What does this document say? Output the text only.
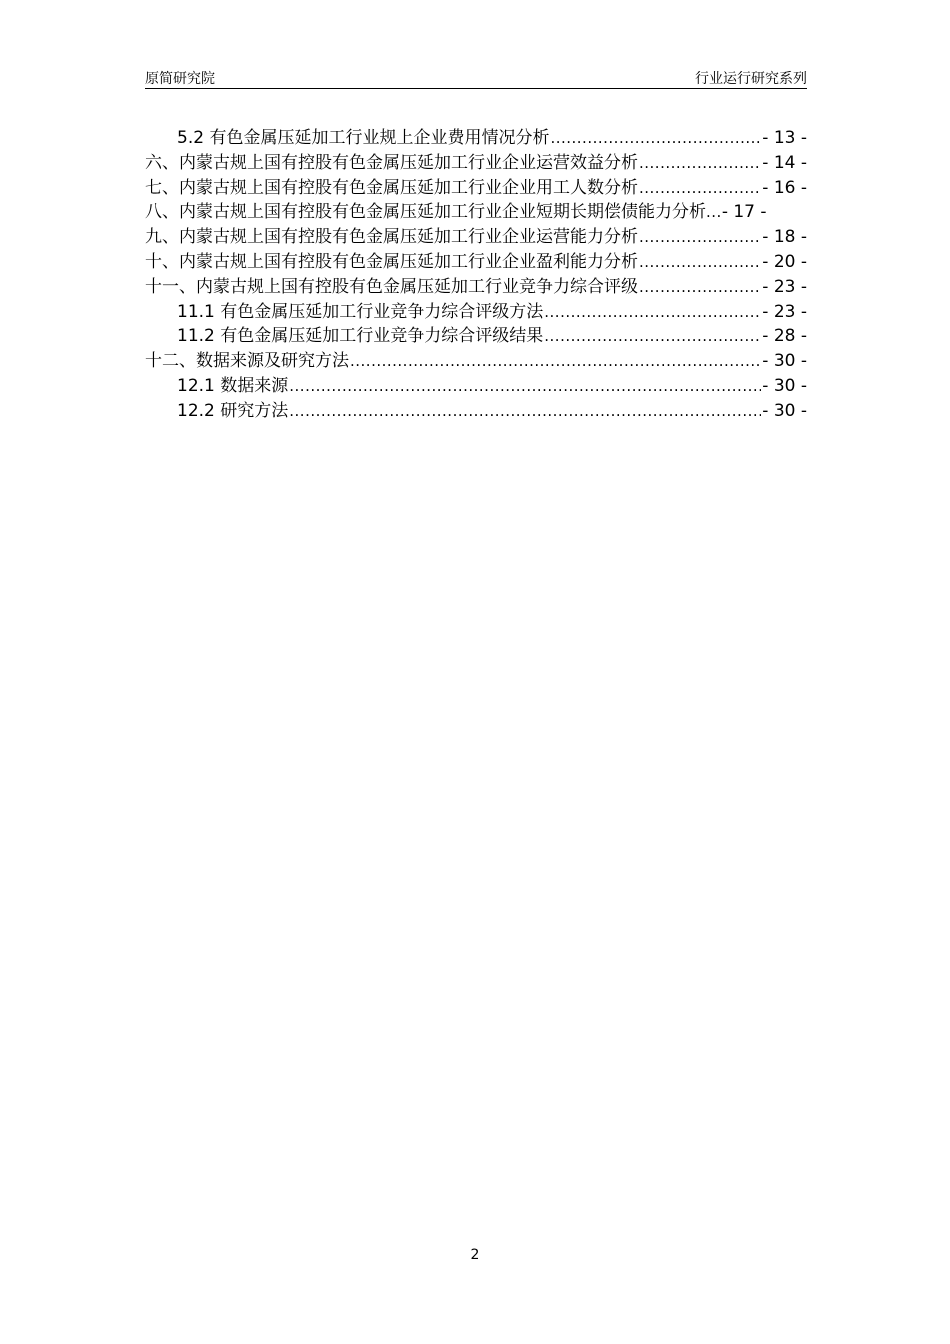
原简研究院	行业运行研究系列
5.2 有色金属压延加工行业规上企业费用情况分析 .....	- 13 -
六、内蒙古规上国有控股有色金属压延加工行业企业运营效益分析 .....	- 14 -
七、内蒙古规上国有控股有色金属压延加工行业企业用工人数分析 .....	- 16 -
八、内蒙古规上国有控股有色金属压延加工行业企业短期长期偿债能力分析...- 17 -
九、内蒙古规上国有控股有色金属压延加工行业企业运营能力分析 .....	- 18 -
十、内蒙古规上国有控股有色金属压延加工行业企业盈利能力分析 .....	- 20 -
十一、内蒙古规上国有控股有色金属压延加工行业竞争力综合评级 .....	- 23 -
11.1 有色金属压延加工行业竞争力综合评级方法 .....	- 23 -
11.2 有色金属压延加工行业竞争力综合评级结果 .....	- 28 -
十二、数据来源及研究方法 .....	- 30 -
12.1 数据来源 .....	- 30 -
12.2 研究方法 .....	- 30 -
2
